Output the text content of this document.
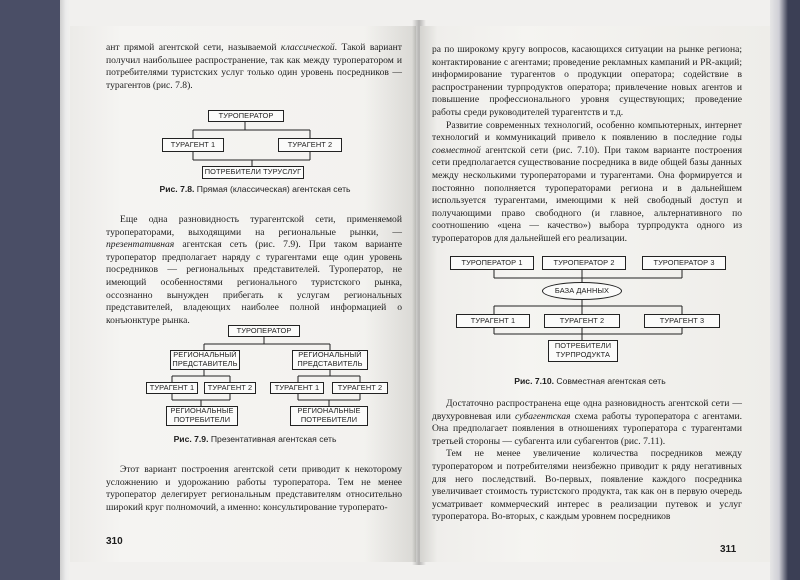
ант прямой агентской сети, называемой классической. Такой вариант получил наибольшее распространение, так как между туроператором и потребителями туристских услуг только один уровень посредников — турагентов (рис. 7.8).

ТУРОПЕРАТОР
ТУРАГЕНТ 1	ТУРАГЕНТ 2
ПОТРЕБИТЕЛИ ТУРУСЛУГ

Рис. 7.8. Прямая (классическая) агентская сеть

Еще одна разновидность турагентской сети, применяемой туроператорами, выходящими на региональные рынки, — презентативная агентская сеть (рис. 7.9). При таком варианте туроператор предполагает наряду с турагентами еще один уровень посредников — региональных представителей. Туроператор, не имеющий особенностями регионального туристского рынка, оссознанно вынужден прибегать к услугам региональных представителей, владеющих наиболее полной информацией о конъюнктуре рынка.

ТУРОПЕРАТОР
РЕГИОНАЛЬНЫЙ ПРЕДСТАВИТЕЛЬ
РЕГИОНАЛЬНЫЙ ПРЕДСТАВИТЕЛЬ
ТУРАГЕНТ 1	ТУРАГЕНТ 2	ТУРАГЕНТ 1	ТУРАГЕНТ 2
РЕГИОНАЛЬНЫЕ ПОТРЕБИТЕЛИ
РЕГИОНАЛЬНЫЕ ПОТРЕБИТЕЛИ

Рис. 7.9. Презентативная агентская сеть

Этот вариант построения агентской сети приводит к некоторому усложнению и удорожанию работы туроператора. Тем не менее туроператор делегирует региональным представителям относительно широкий круг полномочий, а именно: консультирование туроперато-

310

ра по широкому кругу вопросов, касающихся ситуации на рынке региона; контактирование с агентами; проведение рекламных кампаний и PR-акций; информирование турагентов о продукции оператора; содействие в распространении турпродуктов оператора; привлечение новых агентов и повышение профессионального уровня существующих; проведение работы среди руководителей турагентств и т.д.

Развитие современных технологий, особенно компьютерных, интернет технологий и коммуникаций привело к появлению в последние годы совместной агентской сети (рис. 7.10). При таком варианте построения сети предполагается существование посредника в виде общей базы данных между несколькими туроператорами и турагентами. Она формируется и постоянно пополняется туроператорами региона и в дальнейшем используется турагентами, имеющими к ней свободный доступ и получающими право свободного (и главное, альтернативного по соотношению «цена — качество») выбора турпродукта одного из туроператоров для дальнейшей его реализации.

ТУРОПЕРАТОР 1	ТУРОПЕРАТОР 2	ТУРОПЕРАТОР 3
БАЗА ДАННЫХ
ТУРАГЕНТ 1	ТУРАГЕНТ 2	ТУРАГЕНТ 3
ПОТРЕБИТЕЛИ ТУРПРОДУКТА

Рис. 7.10. Совместная агентская сеть

Достаточно распространена еще одна разновидность агентской сети — двухуровневая или субагентская схема работы туроператора с агентами. Она предполагает появления в отношениях туроператора с турагентами третьей стороны — субагента или субагентов (рис. 7.11).

Тем не менее увеличение количества посредников между туроператором и потребителями неизбежно приводит к ряду негативных для него последствий. Во-первых, появление каждого посредника увеличивает стоимость туристского продукта, так как он в первую очередь усматривает коммерческий интерес в реализации путевок и услуг туроператора. Во-вторых, с каждым уровнем посредников

311
